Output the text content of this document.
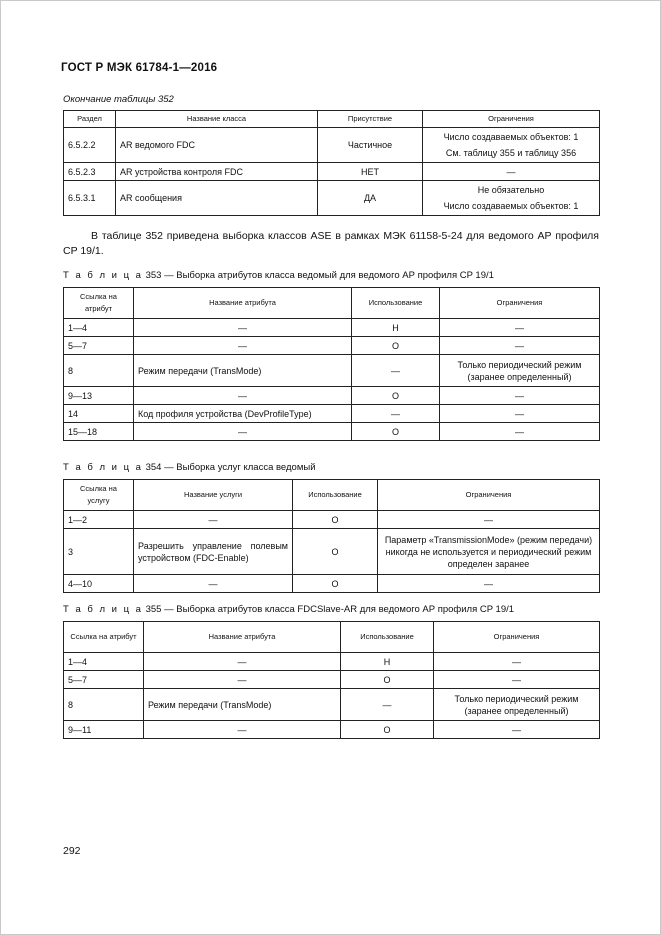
ГОСТ Р МЭК 61784-1—2016
Окончание таблицы 352
Раздел	Название класса	Присутствие	Ограничения
6.5.2.2	AR ведомого FDC	Частичное	Число создаваемых объектов: 1
См. таблицу 355 и таблицу 356

6.5.2.3	AR устройства контроля FDC	НЕТ	—
6.5.3.1	AR сообщения	ДА	Не обязательно
Число создаваемых объектов: 1
В таблице 352 приведена выборка классов ASE в рамках МЭК 61158-5-24 для ведомого АР профиля CP 19/1.
Т а б л и ц а 353 — Выборка атрибутов класса ведомый для ведомого АР профиля CP 19/1
Ссылка на атрибут	Название атрибута	Использование	Ограничения
1—4	—	Н	—
5—7	—	О	—
8	Режим передачи (TransMode)	—	Только периодический режим (заранее определенный)
9—13	—	О	—
14	Код профиля устройства (DevProfileType)	—	—
15—18	—	О	—
Т а б л и ц а 354 — Выборка услуг класса ведомый
Ссылка на услугу	Название услуги	Использование	Ограничения
1—2	—	О	—
3	Разрешить управление полевым устройством (FDC-Enable)	О	Параметр «TransmissionMode» (режим передачи) никогда не используется и периодический режим определен заранее
4—10	—	О	—
Т а б л и ц а 355 — Выборка атрибутов класса FDCSlave-AR для ведомого АР профиля CP 19/1
Ссылка на атрибут	Название атрибута	Использование	Ограничения
1—4	—	Н	—
5—7	—	О	—
8	Режим передачи (TransMode)	—	Только периодический режим (заранее определенный)
9—11	—	О	—
292
